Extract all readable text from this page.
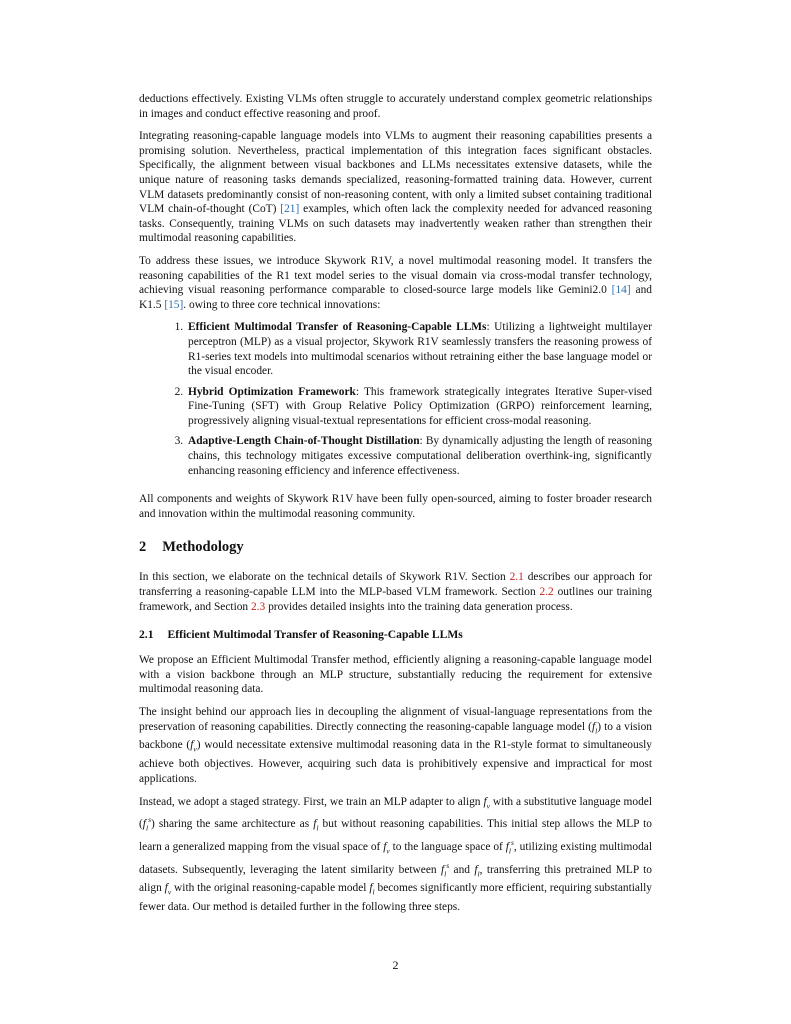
deductions effectively. Existing VLMs often struggle to accurately understand complex geometric relationships in images and conduct effective reasoning and proof.

Integrating reasoning-capable language models into VLMs to augment their reasoning capabilities presents a promising solution. Nevertheless, practical implementation of this integration faces significant obstacles. Specifically, the alignment between visual backbones and LLMs necessitates extensive datasets, while the unique nature of reasoning tasks demands specialized, reasoning-formatted training data. However, current VLM datasets predominantly consist of non-reasoning content, with only a limited subset containing traditional VLM chain-of-thought (CoT) [21] examples, which often lack the complexity needed for advanced reasoning tasks. Consequently, training VLMs on such datasets may inadvertently weaken rather than strengthen their multimodal reasoning capabilities.

To address these issues, we introduce Skywork R1V, a novel multimodal reasoning model. It transfers the reasoning capabilities of the R1 text model series to the visual domain via cross-modal transfer technology, achieving visual reasoning performance comparable to closed-source large models like Gemini2.0 [14] and K1.5 [15]. owing to three core technical innovations:

1. Efficient Multimodal Transfer of Reasoning-Capable LLMs: Utilizing a lightweight multilayer perceptron (MLP) as a visual projector, Skywork R1V seamlessly transfers the reasoning prowess of R1-series text models into multimodal scenarios without retraining either the base language model or the visual encoder.
2. Hybrid Optimization Framework: This framework strategically integrates Iterative Super-vised Fine-Tuning (SFT) with Group Relative Policy Optimization (GRPO) reinforcement learning, progressively aligning visual-textual representations for efficient cross-modal reasoning.
3. Adaptive-Length Chain-of-Thought Distillation: By dynamically adjusting the length of reasoning chains, this technology mitigates excessive computational deliberation overthink-ing, significantly enhancing reasoning efficiency and inference effectiveness.

All components and weights of Skywork R1V have been fully open-sourced, aiming to foster broader research and innovation within the multimodal reasoning community.

2 Methodology

In this section, we elaborate on the technical details of Skywork R1V. Section 2.1 describes our approach for transferring a reasoning-capable LLM into the MLP-based VLM framework. Section 2.2 outlines our training framework, and Section 2.3 provides detailed insights into the training data generation process.

2.1 Efficient Multimodal Transfer of Reasoning-Capable LLMs

We propose an Efficient Multimodal Transfer method, efficiently aligning a reasoning-capable language model with a vision backbone through an MLP structure, substantially reducing the requirement for extensive multimodal reasoning data.

The insight behind our approach lies in decoupling the alignment of visual-language representations from the preservation of reasoning capabilities. Directly connecting the reasoning-capable language model $(f_l)$ to a vision backbone $(f_v)$ would necessitate extensive multimodal reasoning data in the R1-style format to simultaneously achieve both objectives. However, acquiring such data is prohibitively expensive and impractical for most applications.

Instead, we adopt a staged strategy. First, we train an MLP adapter to align $f_v$ with a substitutive language model $(f_l^s)$ sharing the same architecture as $f_l$ but without reasoning capabilities. This initial step allows the MLP to learn a generalized mapping from the visual space of $f_v$ to the language space of $f_l^s$, utilizing existing multimodal datasets. Subsequently, leveraging the latent similarity between $f_l^s$ and $f_l$, transferring this pretrained MLP to align $f_v$ with the original reasoning-capable model $f_l$ becomes significantly more efficient, requiring substantially fewer data. Our method is detailed further in the following three steps.

2
